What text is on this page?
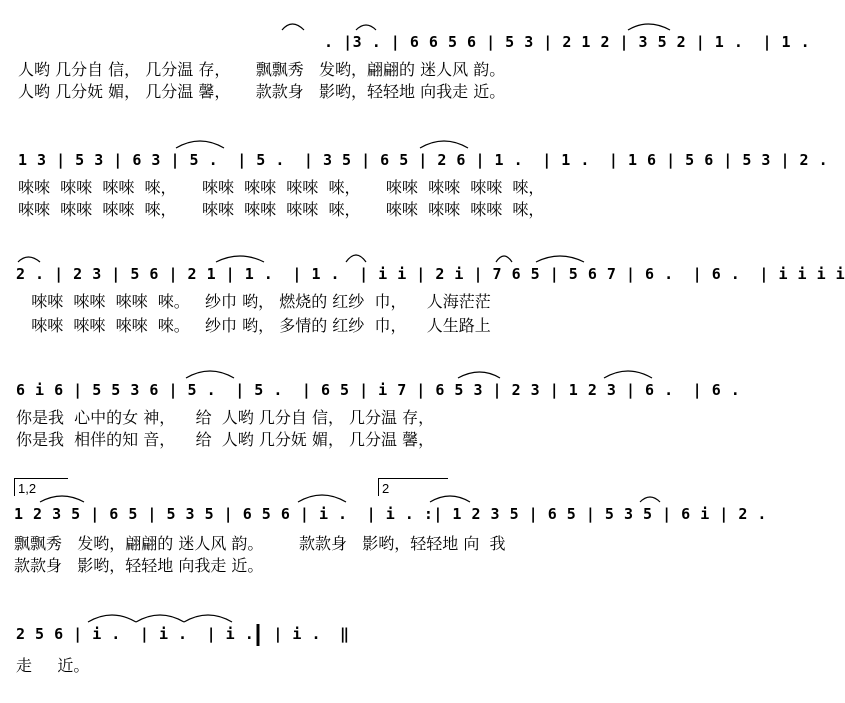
. |3 . | 6 6 5 6 | 5 3 | 2 1 2 | 3 5 2 | 1 .  | 1 .
人哟 几分自 信， 几分温 存，     飘飘秀   发哟，翩翩的 迷人风 韵。
人哟 几分妩 媚， 几分温 馨，     款款身   影哟，轻轻地 向我走 近。
1 3 | 5 3 | 6 3 | 5 .  | 5 .  | 3 5 | 6 5 | 2 6 | 1 .  | 1 .  | 1 6 | 5 6 | 5 3 | 2 .
唻唻  唻唻  唻唻  唻，     唻唻  唻唻  唻唻  唻，     唻唻  唻唻  唻唻  唻，
唻唻  唻唻  唻唻  唻，     唻唻  唻唻  唻唻  唻，     唻唻  唻唻  唻唻  唻，
2 . | 2 3 | 5 6 | 2 1 | 1 .  | 1 .  | i i | 2 i | 7 6 5 | 5 6 7 | 6 .  | 6 .  | i i i i
唻唻  唻唻  唻唻  唻。   纱巾 哟， 燃烧的 红纱  巾，    人海茫茫
唻唻  唻唻  唻唻  唻。   纱巾 哟， 多情的 红纱  巾，    人生路上
6 i 6 | 5 5 3 6 | 5 .  | 5 .  | 6 5 | i 7 | 6 5 3 | 2 3 | 1 2 3 | 6 .  | 6 .
你是我  心中的女 神，    给  人哟 几分自 信， 几分温 存，
你是我  相伴的知 音，    给  人哟 几分妩 媚， 几分温 馨，
1,2	2
1 2 3 5 | 6 5 | 5 3 5 | 6 5 6 | i .  | i . :| 1 2 3 5 | 6 5 | 5 3 5 | 6 i | 2 .
飘飘秀   发哟，翩翩的 迷人风 韵。       款款身   影哟，轻轻地 向  我
款款身   影哟，轻轻地 向我走 近。
2 5 6 | i .  | i .  | i .  | i .  ‖
走     近。
